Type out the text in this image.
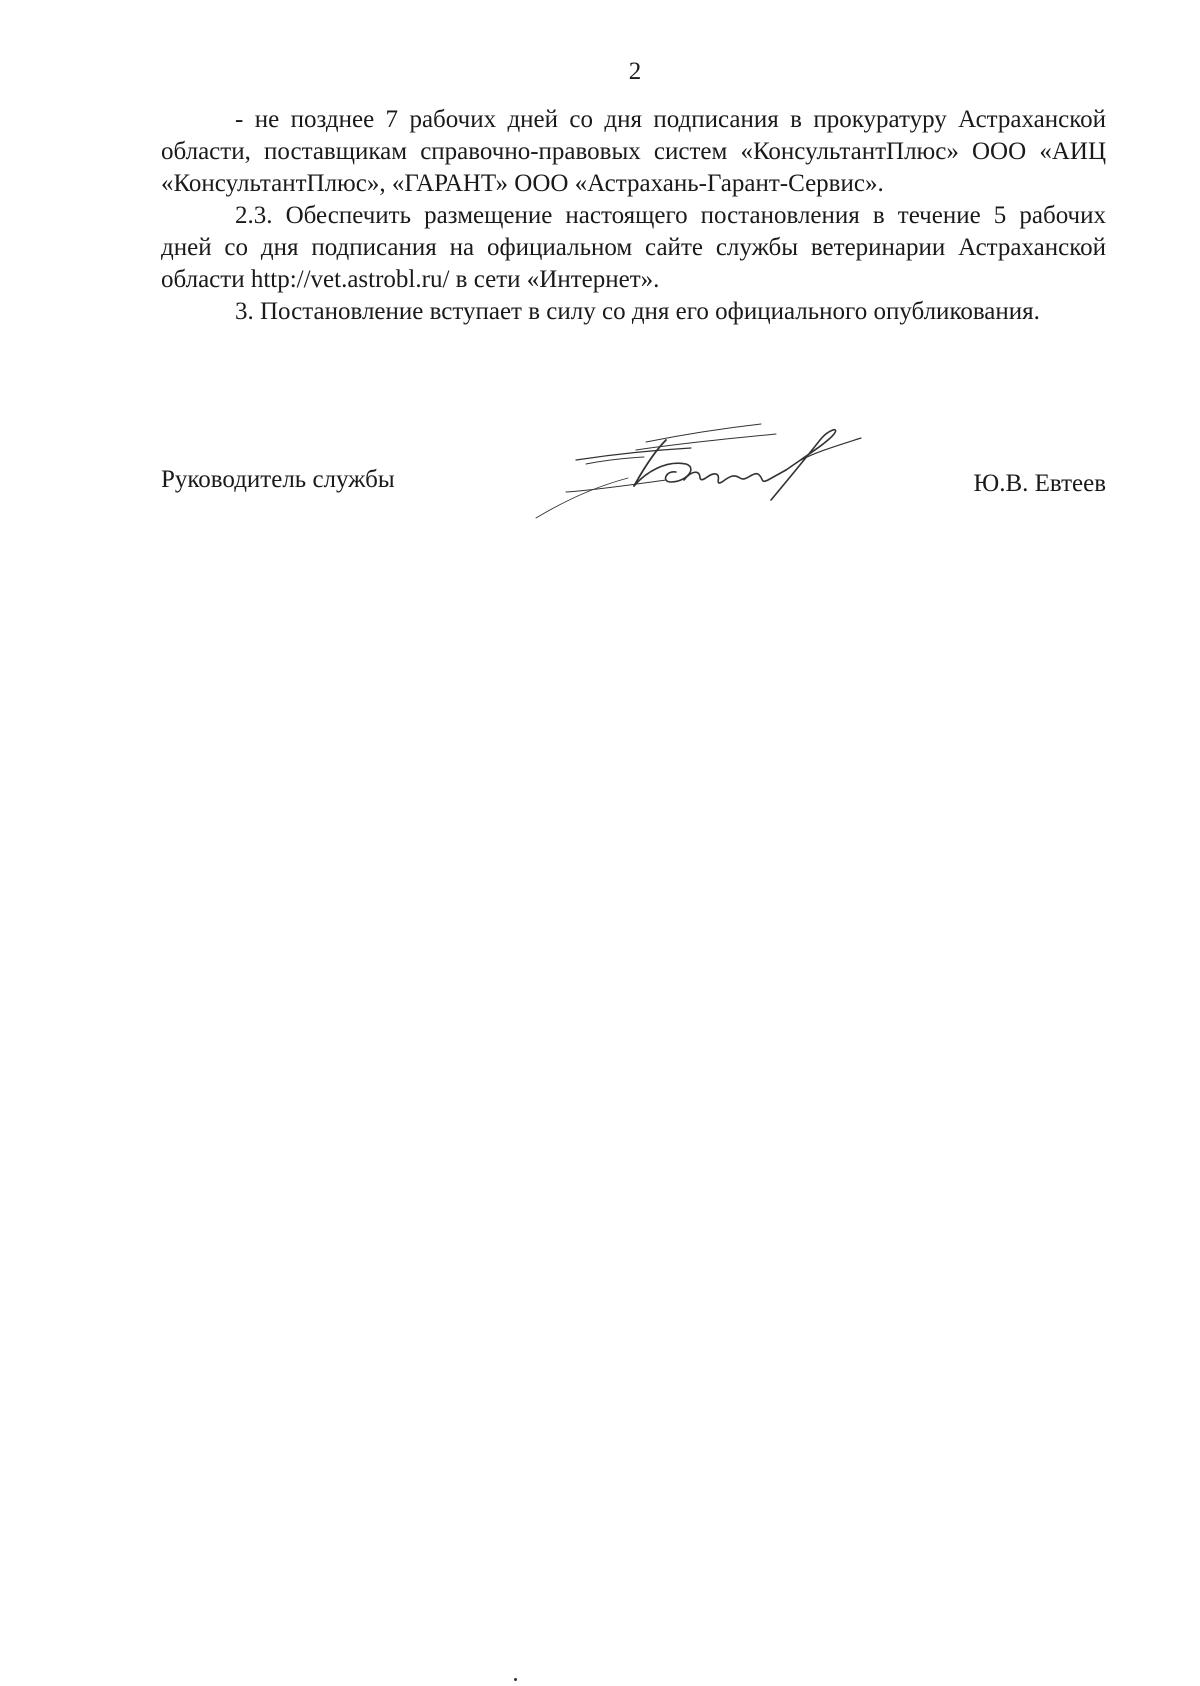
2

- не позднее 7 рабочих дней со дня подписания в прокуратуру Астраханской области, поставщикам справочно-правовых систем «КонсультантПлюс» ООО «АИЦ «КонсультантПлюс», «ГАРАНТ» ООО «Астрахань-Гарант-Сервис».

2.3. Обеспечить размещение настоящего постановления в течение 5 рабочих дней со дня подписания на официальном сайте службы ветеринарии Астраханской области http://vet.astrobl.ru/ в сети «Интернет».

3. Постановление вступает в силу со дня его официального опубликования.

Руководитель службы	Ю.В. Евтеев
